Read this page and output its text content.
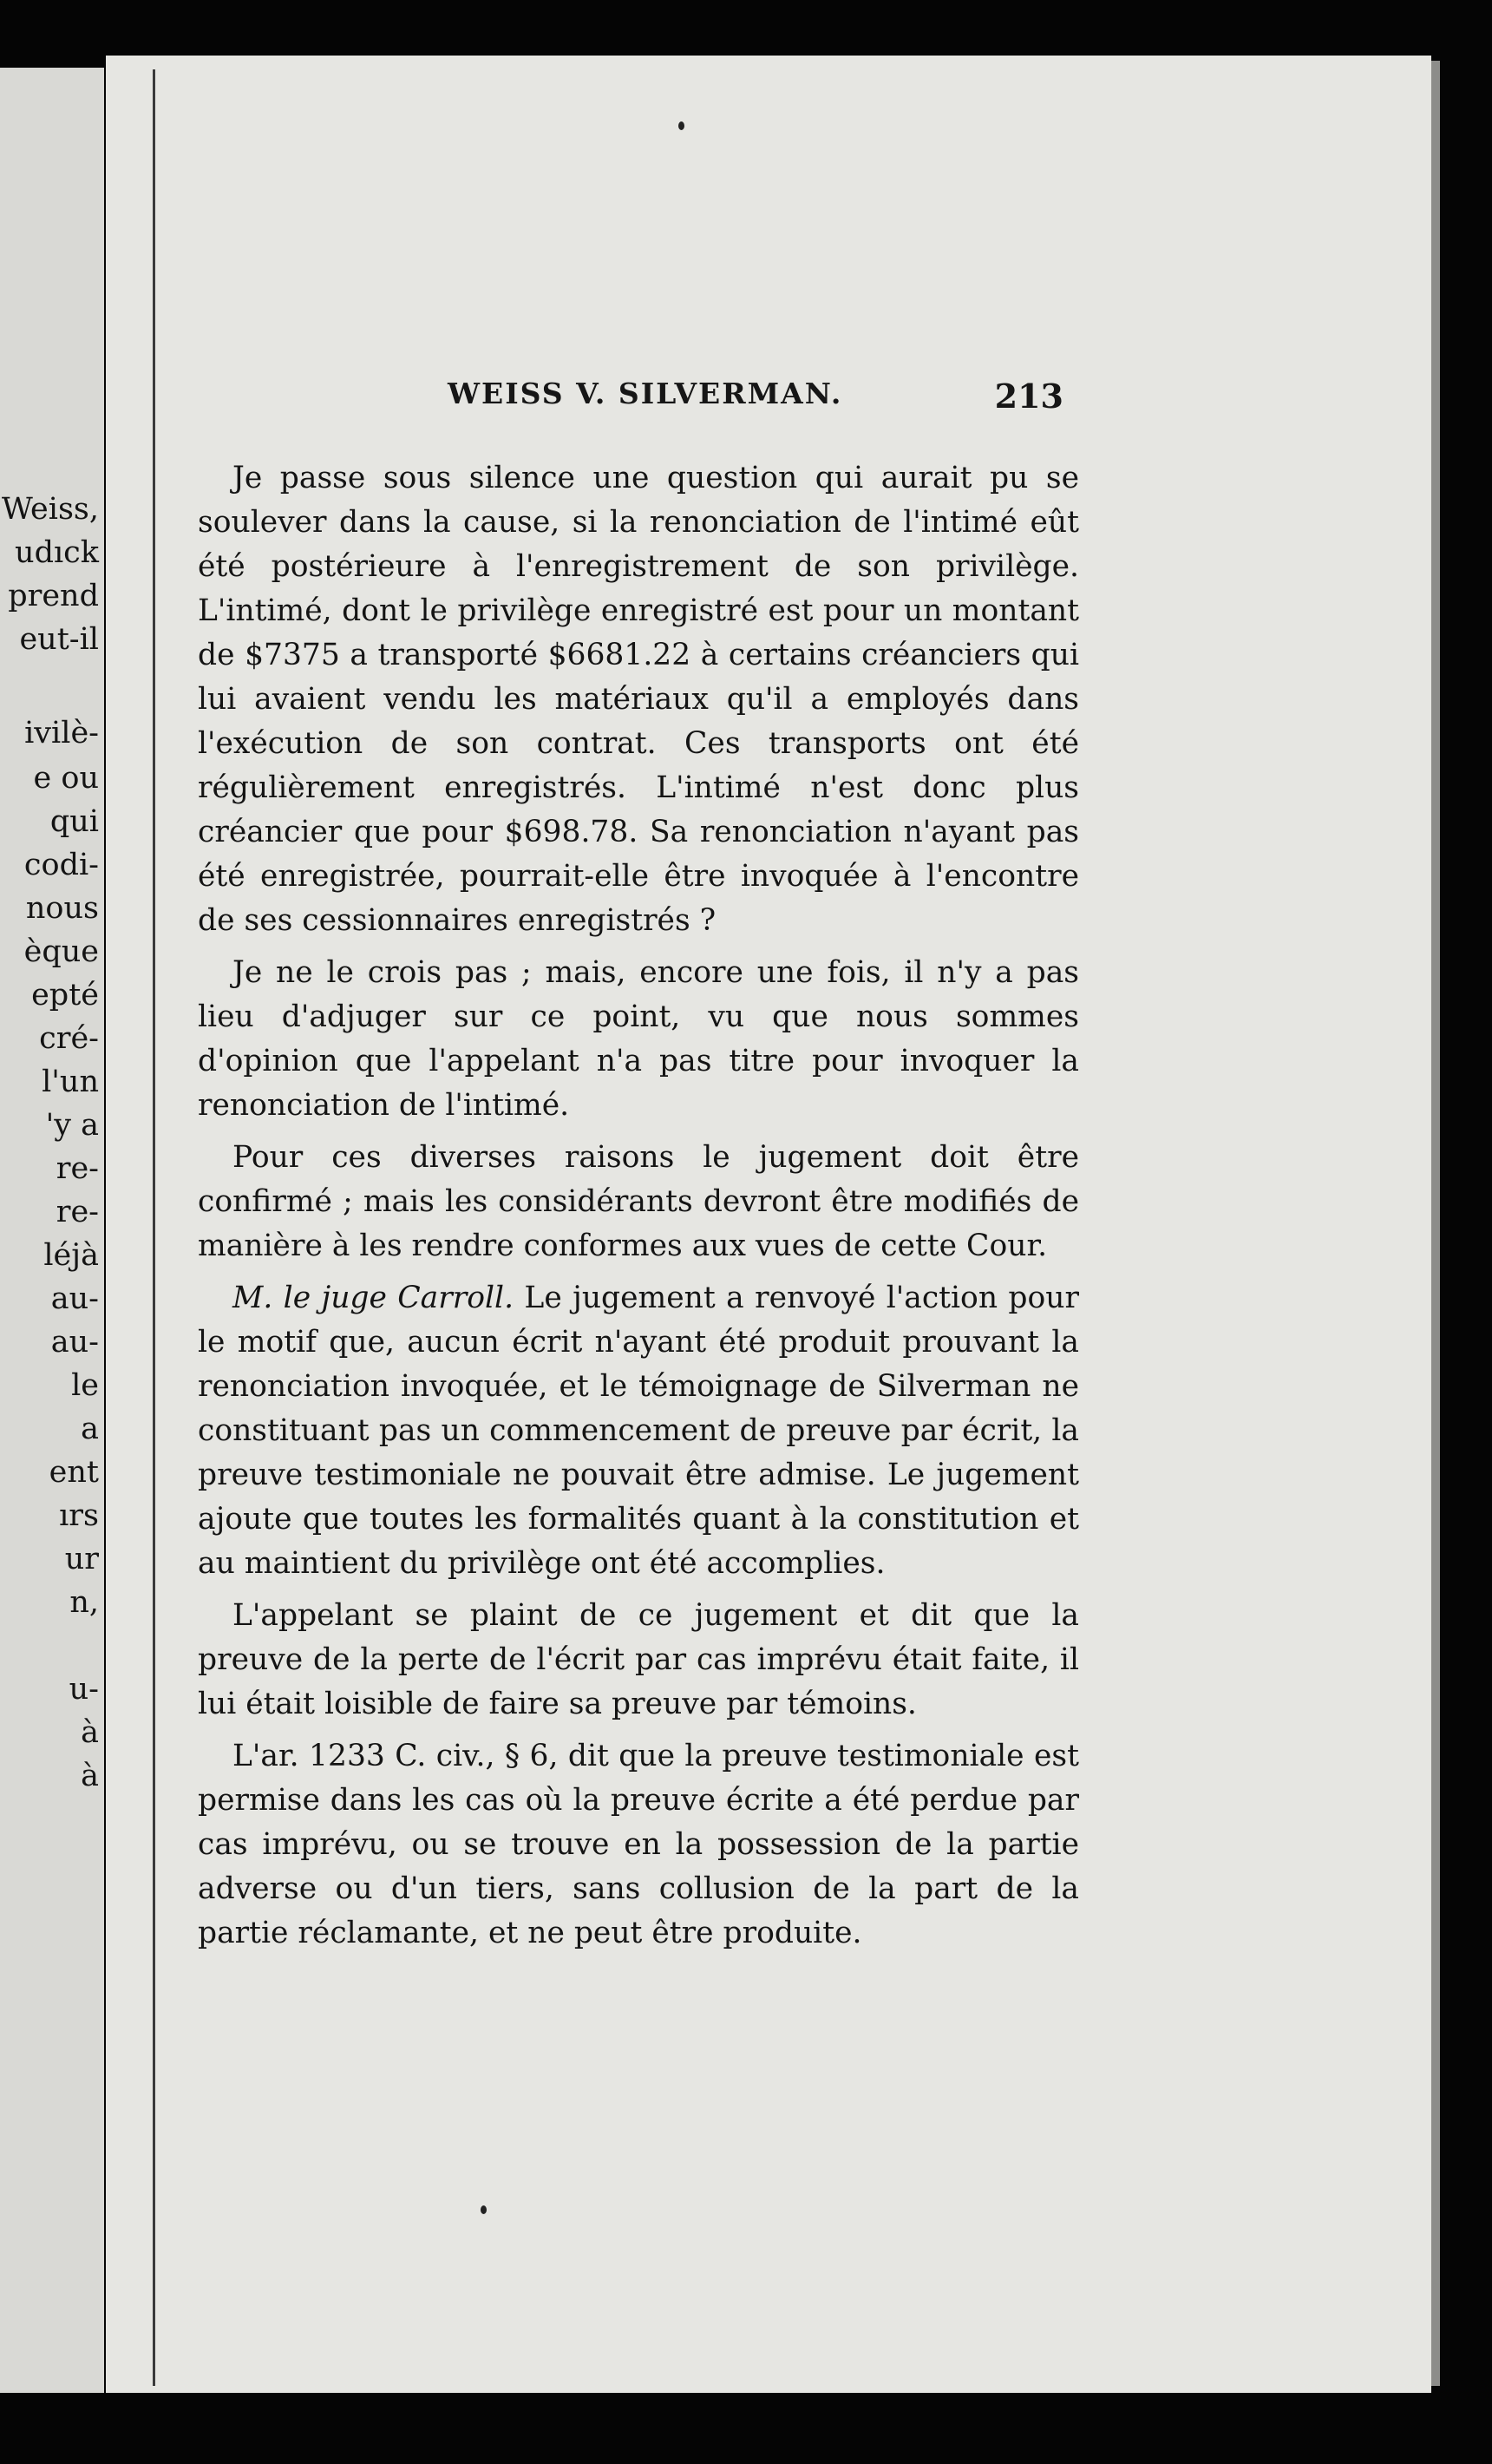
Weiss,
udıck
prend
eut-il
ivilè-
e ou
qui
codi-
nous
èque
epté
cré-
l'un
'y a
re-
re-
léjà
au-
au-
le
a
ent
ırs
ur
n,
u-
à
à
WEISS V. SILVERMAN.	213

Je passe sous silence une question qui aurait pu se soulever dans la cause, si la renonciation de l'intimé eût été postérieure à l'enregistrement de son privilège. L'intimé, dont le privilège enregistré est pour un montant de $7375 a transporté $6681.22 à certains créanciers qui lui avaient vendu les matériaux qu'il a employés dans l'exécution de son contrat. Ces transports ont été régulièrement enregistrés. L'intimé n'est donc plus créancier que pour $698.78. Sa renonciation n'ayant pas été enregistrée, pourrait-elle être invoquée à l'encontre de ses cessionnaires enregistrés ?

Je ne le crois pas ; mais, encore une fois, il n'y a pas lieu d'adjuger sur ce point, vu que nous sommes d'opinion que l'appelant n'a pas titre pour invoquer la renonciation de l'intimé.

Pour ces diverses raisons le jugement doit être confirmé ; mais les considérants devront être modifiés de manière à les rendre conformes aux vues de cette Cour.

M. le juge Carroll. Le jugement a renvoyé l'action pour le motif que, aucun écrit n'ayant été produit prouvant la renonciation invoquée, et le témoignage de Silverman ne constituant pas un commencement de preuve par écrit, la preuve testimoniale ne pouvait être admise. Le jugement ajoute que toutes les formalités quant à la constitution et au maintient du privilège ont été accomplies.

L'appelant se plaint de ce jugement et dit que la preuve de la perte de l'écrit par cas imprévu était faite, il lui était loisible de faire sa preuve par témoins.

L'ar. 1233 C. civ., § 6, dit que la preuve testimoniale est permise dans les cas où la preuve écrite a été perdue par cas imprévu, ou se trouve en la possession de la partie adverse ou d'un tiers, sans collusion de la part de la partie réclamante, et ne peut être produite.
